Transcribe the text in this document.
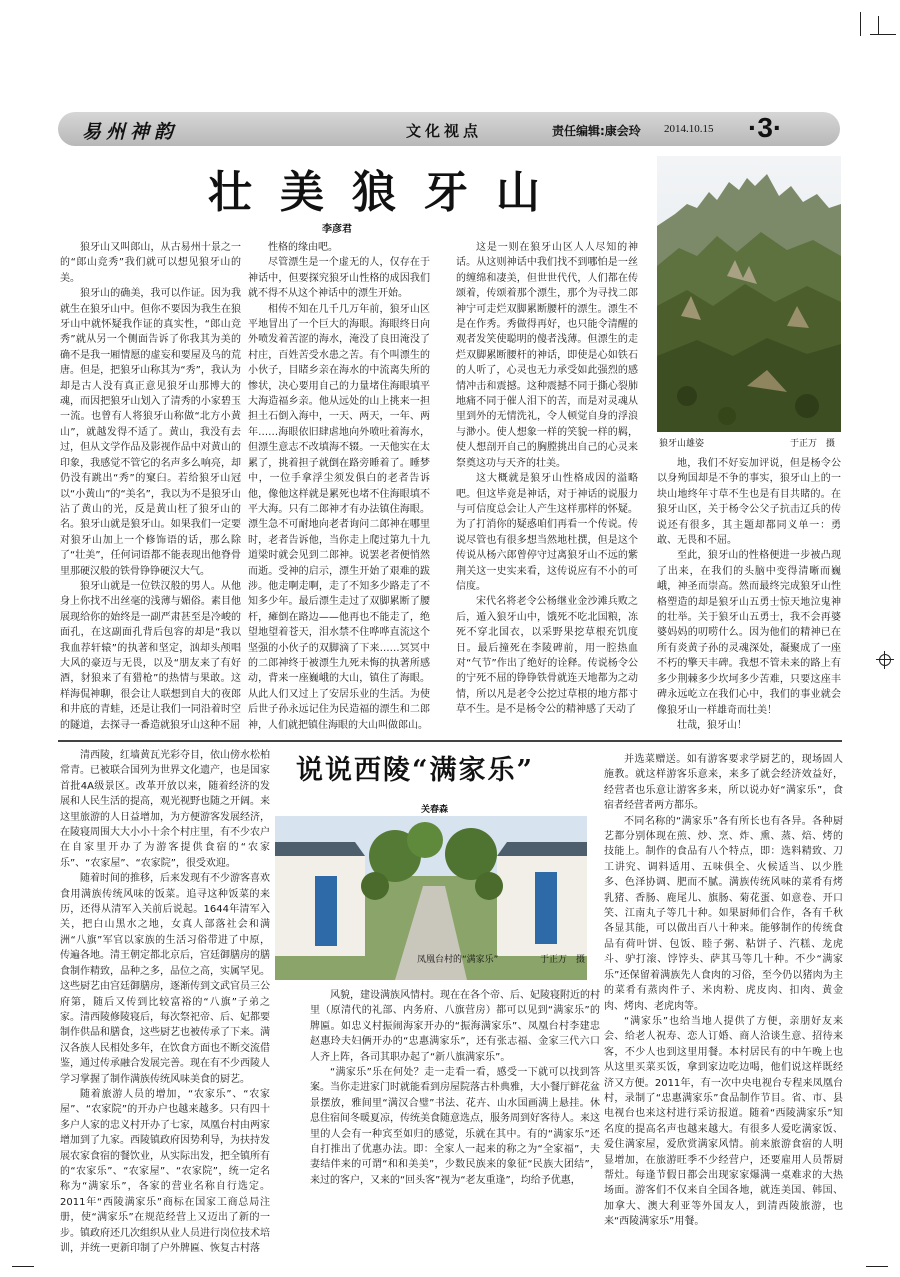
易州神韵	文化视点	责任编辑:康会玲 2014.10.15 ·3·
壮美狼牙山
李彦君

狼牙山又叫郎山，从古易州十景之一的“郎山竞秀”我们就可以想见狼牙山的美。

狼牙山的确美，我可以作证。因为我就生在狼牙山中。但你不要因为我生在狼牙山中就怀疑我作证的真实性，“郎山竞秀”就从另一个侧面告诉了你我其为美的确不是我一厢情愿的虚妄和要屋及乌的荒唐。但是，把狼牙山称其为“秀”，我认为却是古人没有真正意见狼牙山那博大的魂，而因把狼牙山划入了清秀的小家碧玉一流。也曾有人将狼牙山称做“北方小黄山”，就越发得不适了。黄山，我没有去过，但从文学作品及影视作品中对黄山的印象，我感觉不管它的名声多么响亮，却仍没有跳出“秀”的窠臼。若给狼牙山冠以“小黄山”的“美名”，我以为不是狼牙山沾了黄山的光，反是黄山枉了狼牙山的名。狼牙山就是狼牙山。如果我们一定要对狼牙山加上一个修饰语的话，那么除了“壮美”，任何词语都不能表现出他脊骨里那硬汉般的铁骨铮铮硬汉大气。

狼牙山就是一位铁汉般的男人。从他身上你找不出丝毫的浅薄与媚俗。素目他展现给你的始终是一副严肃甚至是冷峻的面孔，在这副面孔背后包容的却是“我以我血荐轩辕”的执著和坚定，汹却头颅唱大风的豪迈与无畏，以及“朋友来了有好酒，豺狼来了有猎枪”的热情与果敢。这样海侃神聊，很会让人联想到自大的夜郎和井底的青蛙，还是让我们一同沿着时空的隧道，去探寻一番造就狼牙山这种不屈

性格的缘由吧。

尽管漂生是一个虚无的人，仅存在于神话中，但要探究狼牙山性格的成因我们就不得不从这个神话中的漂生开始。

相传不知在几千几万年前，狼牙山区平地冒出了一个巨大的海眼。海眼终日向外喷发着苦涩的海水，淹没了良田淹没了村庄，百姓苦受水患之苦。有个叫漂生的小伙子，目睹乡亲在海水的中流离失所的惨状，决心要用自己的力量堵住海眼填平大海造福乡亲。他从远处的山上挑来一担担土石倒入海中，一天、两天，一年、两年……海眼依旧肆虐地向外喷吐着海水，但漂生意志不改填海不辍。一天他实在太累了，挑着担子就倒在路旁睡着了。睡梦中，一位手拿浮尘须发俱白的老者告诉他，像他这样就是累死也堵不住海眼填不平大海。只有二郎神才有办法镇住海眼。漂生急不可耐地向老者询问二郎神在哪里时，老者告诉他，当你走上爬过第九十九道梁时就会见到二郎神。说罢老者便悄然而逝。受神的启示，漂生开始了艰难的跋涉。他走啊走啊，走了不知多少路走了不知多少年。最后漂生走过了双脚累断了腰杆，瘫倒在路边——他再也不能走了，绝望地望着苍天，泪水禁不住哗哗直流这个坚强的小伙子的双脚滴了下来……冥冥中的二郎神终于被漂生九死未悔的执著所感动，背来一座巍峨的大山，镇住了海眼。从此人们又过上了安居乐业的生活。为使后世子孙永远记住为民造福的漂生和二郎神，人们就把镇住海眼的大山叫做郎山。

这是一则在狼牙山区人人尽知的神话。从这则神话中我们找不到哪怕是一丝的缠绵和凄美，但世世代代，人们都在传颂着，传颂着那个漂生，那个为寻找二郎神宁可走烂双脚累断腰杆的漂生。漂生不是在作秀。秀做得再好，也只能令清醒的观者发笑使聪明的傻者浅薄。但漂生的走烂双脚累断腰杆的神话，即使是心如铁石的人听了，心灵也无力承受如此强烈的感情冲击和震撼。这种震撼不同于撕心裂肺地痛不同于催人泪下的苦，而是对灵魂从里到外的无情洗礼，令人顿觉自身的浮浪与渺小。使人想象一样的笑貌一样的羁，使人想剖开自己的胸膛挑出自己的心灵来祭奠这功与天齐的壮美。

这大概就是狼牙山性格成因的溢略吧。但这毕竟是神话，对于神话的说服力与可信度总会让人产生这样那样的怀疑。为了打消你的疑惑咱们再看一个传说。传说尽管也有很多想当然地杜撰，但是这个传说从杨六郎曾停守过离狼牙山不远的紫荆关这一史实来看，这传说应有不小的可信度。

宋代名将老令公杨继业金沙滩兵败之后，遁入狼牙山中，饿死不吃北国粮，冻死不穿北国衣，以采野果挖草根充饥度日。最后撞死在李陵碑前，用一腔热血对“气节”作出了绝好的诠释。传说杨令公的宁死不屈的铮铮铁骨就连天地都为之动情，所以凡是老令公挖过草根的地方都寸草不生。是不是杨令公的精神感了天动了

地，我们不好妄加评说，但是杨令公以身殉国却是不争的事实，狼牙山上的一块山地终年寸草不生也是有目共睹的。在狼牙山区，关于杨令公父子抗击辽兵的传说还有很多，其主题却都同义单一：勇敢、无畏和不屈。

至此，狼牙山的性格便进一步被凸现了出来，在我们的头脑中变得清晰而巍峨，神圣而崇高。然而最终完成狼牙山性格塑造的却是狼牙山五勇士惊天地泣鬼神的壮举。关于狼牙山五勇士，我不会再婆婆妈妈的叨唠什么。因为他们的精神已在所有炎黄子孙的灵魂深处，凝聚成了一座不朽的擎天丰碑。我想不管未来的路上有多少荆棘多少坎坷多少苦难，只要这座丰碑永远屹立在我们心中，我们的事业就会像狼牙山一样雄奇而壮美！

壮哉，狼牙山！

狼牙山雄姿	于正万　摄

清西陵，红墙黄瓦光彩夺目，依山傍水松柏常青。已被联合国列为世界文化遗产，也是国家首批4A级景区。改革开放以来，随着经济的发展和人民生活的提高，观光视野也随之开阔。来这里旅游的人日益增加，为方便游客发展经济，在陵寝周围大大小小十余个村庄里，有不少农户在自家里开办了为游客提供食宿的“农家乐”、“农家屋”、“农家院”，很受欢迎。

随着时间的推移，后来发现有不少游客喜欢食用满族传统风味的饭菜。追寻这种饭菜的来历，还得从清军入关前后说起。1644年清军入关，把白山黑水之地，女真人部落社会和满洲“八旗”军官以家族的生活习俗带进了中原，传遍各地。清王朝定都北京后，宫廷御膳房的膳食制作精致，品种之多，品位之高，实属罕见。这些厨艺由宫廷御膳房，逐渐传到文武官员三公府第，随后又传到比较富裕的“八旗”子弟之家。清西陵修陵寝后，每次祭祀帝、后、妃都要制作供品和膳食，这些厨艺也被传承了下来。满汉各族人民相处多年，在饮食方面也不断交流借鉴，通过传承融合发展完善。现在有不少西陵人学习掌握了制作满族传统风味美食的厨艺。

随着旅游人员的增加，“农家乐”、“农家屋”、“农家院”的开办户也越来越多。只有四十多户人家的忠义村开办了七家，凤凰台村由两家增加到了九家。西陵镇政府因势利导，为扶持发展农家食宿的餐饮业，从实际出发，把全镇所有的“农家乐”、“农家屋”、“农家院”，统一定名称为“满家乐”，各家的营业名称自行选定。2011年“西陵满家乐”商标在国家工商总局注册，使“满家乐”在规范经营上又迈出了新的一步。镇政府还几次组织从业人员进行岗位技术培训，并统一更新印制了户外牌匾、恢复古村落

说说西陵“满家乐”
关春森
凤凰台村的“满家乐”	于正万　摄

风貌，建设满族风情村。现在在各个帝、后、妃陵寝附近的村里（原清代的礼部、内务府、八旗营房）都可以见到“满家乐”的牌匾。如忠义村振闹海家开办的“振海满家乐”、凤凰台村李建忠赵惠玲夫妇俩开办的“忠惠满家乐”，还有张志福、金家三代六口人齐上阵，各司其职办起了“新八旗满家乐”。

“满家乐”乐在何处？走一走看一看，感受一下就可以找到答案。当你走进家门时就能看到房屋院落古朴典雅，大小餐厅鲜花盆景摆放，雅间里“满汉合璧”书法、花卉、山水国画满上悬挂。休息住宿间冬暖夏凉，传统美食随意选点，服务周到好客待人。来这里的人会有一种宾至如归的感觉，乐就在其中。有的“满家乐”还自打推出了优惠办法。即：全家人一起来的称之为“全家福”，夫妻结伴来的可谓“和和美美”，少数民族来的象征“民族大团结”，来过的客户，又来的“回头客”视为“老友重逢”，均给予优惠，

并选菜赠送。如有游客要求学厨艺的，现场固人施教。就这样游客乐意来，来多了就会经济效益好，经营者也乐意让游客多来，所以说办好“满家乐”，食宿者经营者两方都乐。

不同名称的“满家乐”各有所长也有各异。各种厨艺都分别体现在煎、炒、烹、炸、熏、蒸、焙、烤的技能上。制作的食品有八个特点，即：选料精致、刀工讲究、调料适用、五味俱全、火候适当、以少胜多、色泽协调、肥而不腻。满族传统风味的菜肴有烤乳猪、香肠、鹿尾儿、旗肠、菊花蛋、如意卷、开口笑、江南丸子等几十种。如果厨师们合作，各有千秋各显其能，可以做出百八十种来。能够制作的传统食品有荷叶饼、包饭、睦子粥、粘饼子、汽糕、龙虎斗、驴打滚、饽饽头、萨其马等几十种。不少“满家乐”还保留着满族先人食肉的习俗，至今仍以猪肉为主的菜肴有蒸肉件子、米肉粉、虎皮肉、扣肉、黄金肉、烤肉、老虎肉等。

“满家乐”也给当地人提供了方便，亲朋好友来会、给老人祝寿、恋人订婚、商人洽谈生意、招待来客，不少人也到这里用餐。本村居民有的中午晚上也从这里买菜买饭，拿到家边吃边喝，他们说这样既经济又方便。2011年，有一次中央电视台专程来凤凰台村，录制了“忠惠满家乐”食品制作节目。省、市、县电视台也来这村进行采访报道。随着“西陵满家乐”知名度的提高名声也越来越大。有很多人爱吃满家饭、爱住满家屋，爱欣赏满家风情。前来旅游食宿的人明显增加，在旅游旺季不少经营户，还要雇用人员帮厨帮灶。每逢节假日都会出现家家爆满一桌难求的大热场面。游客们不仅来自全国各地，就连美国、韩国、加拿大、澳大利亚等外国友人，到清西陵旅游，也来“西陵满家乐”用餐。
